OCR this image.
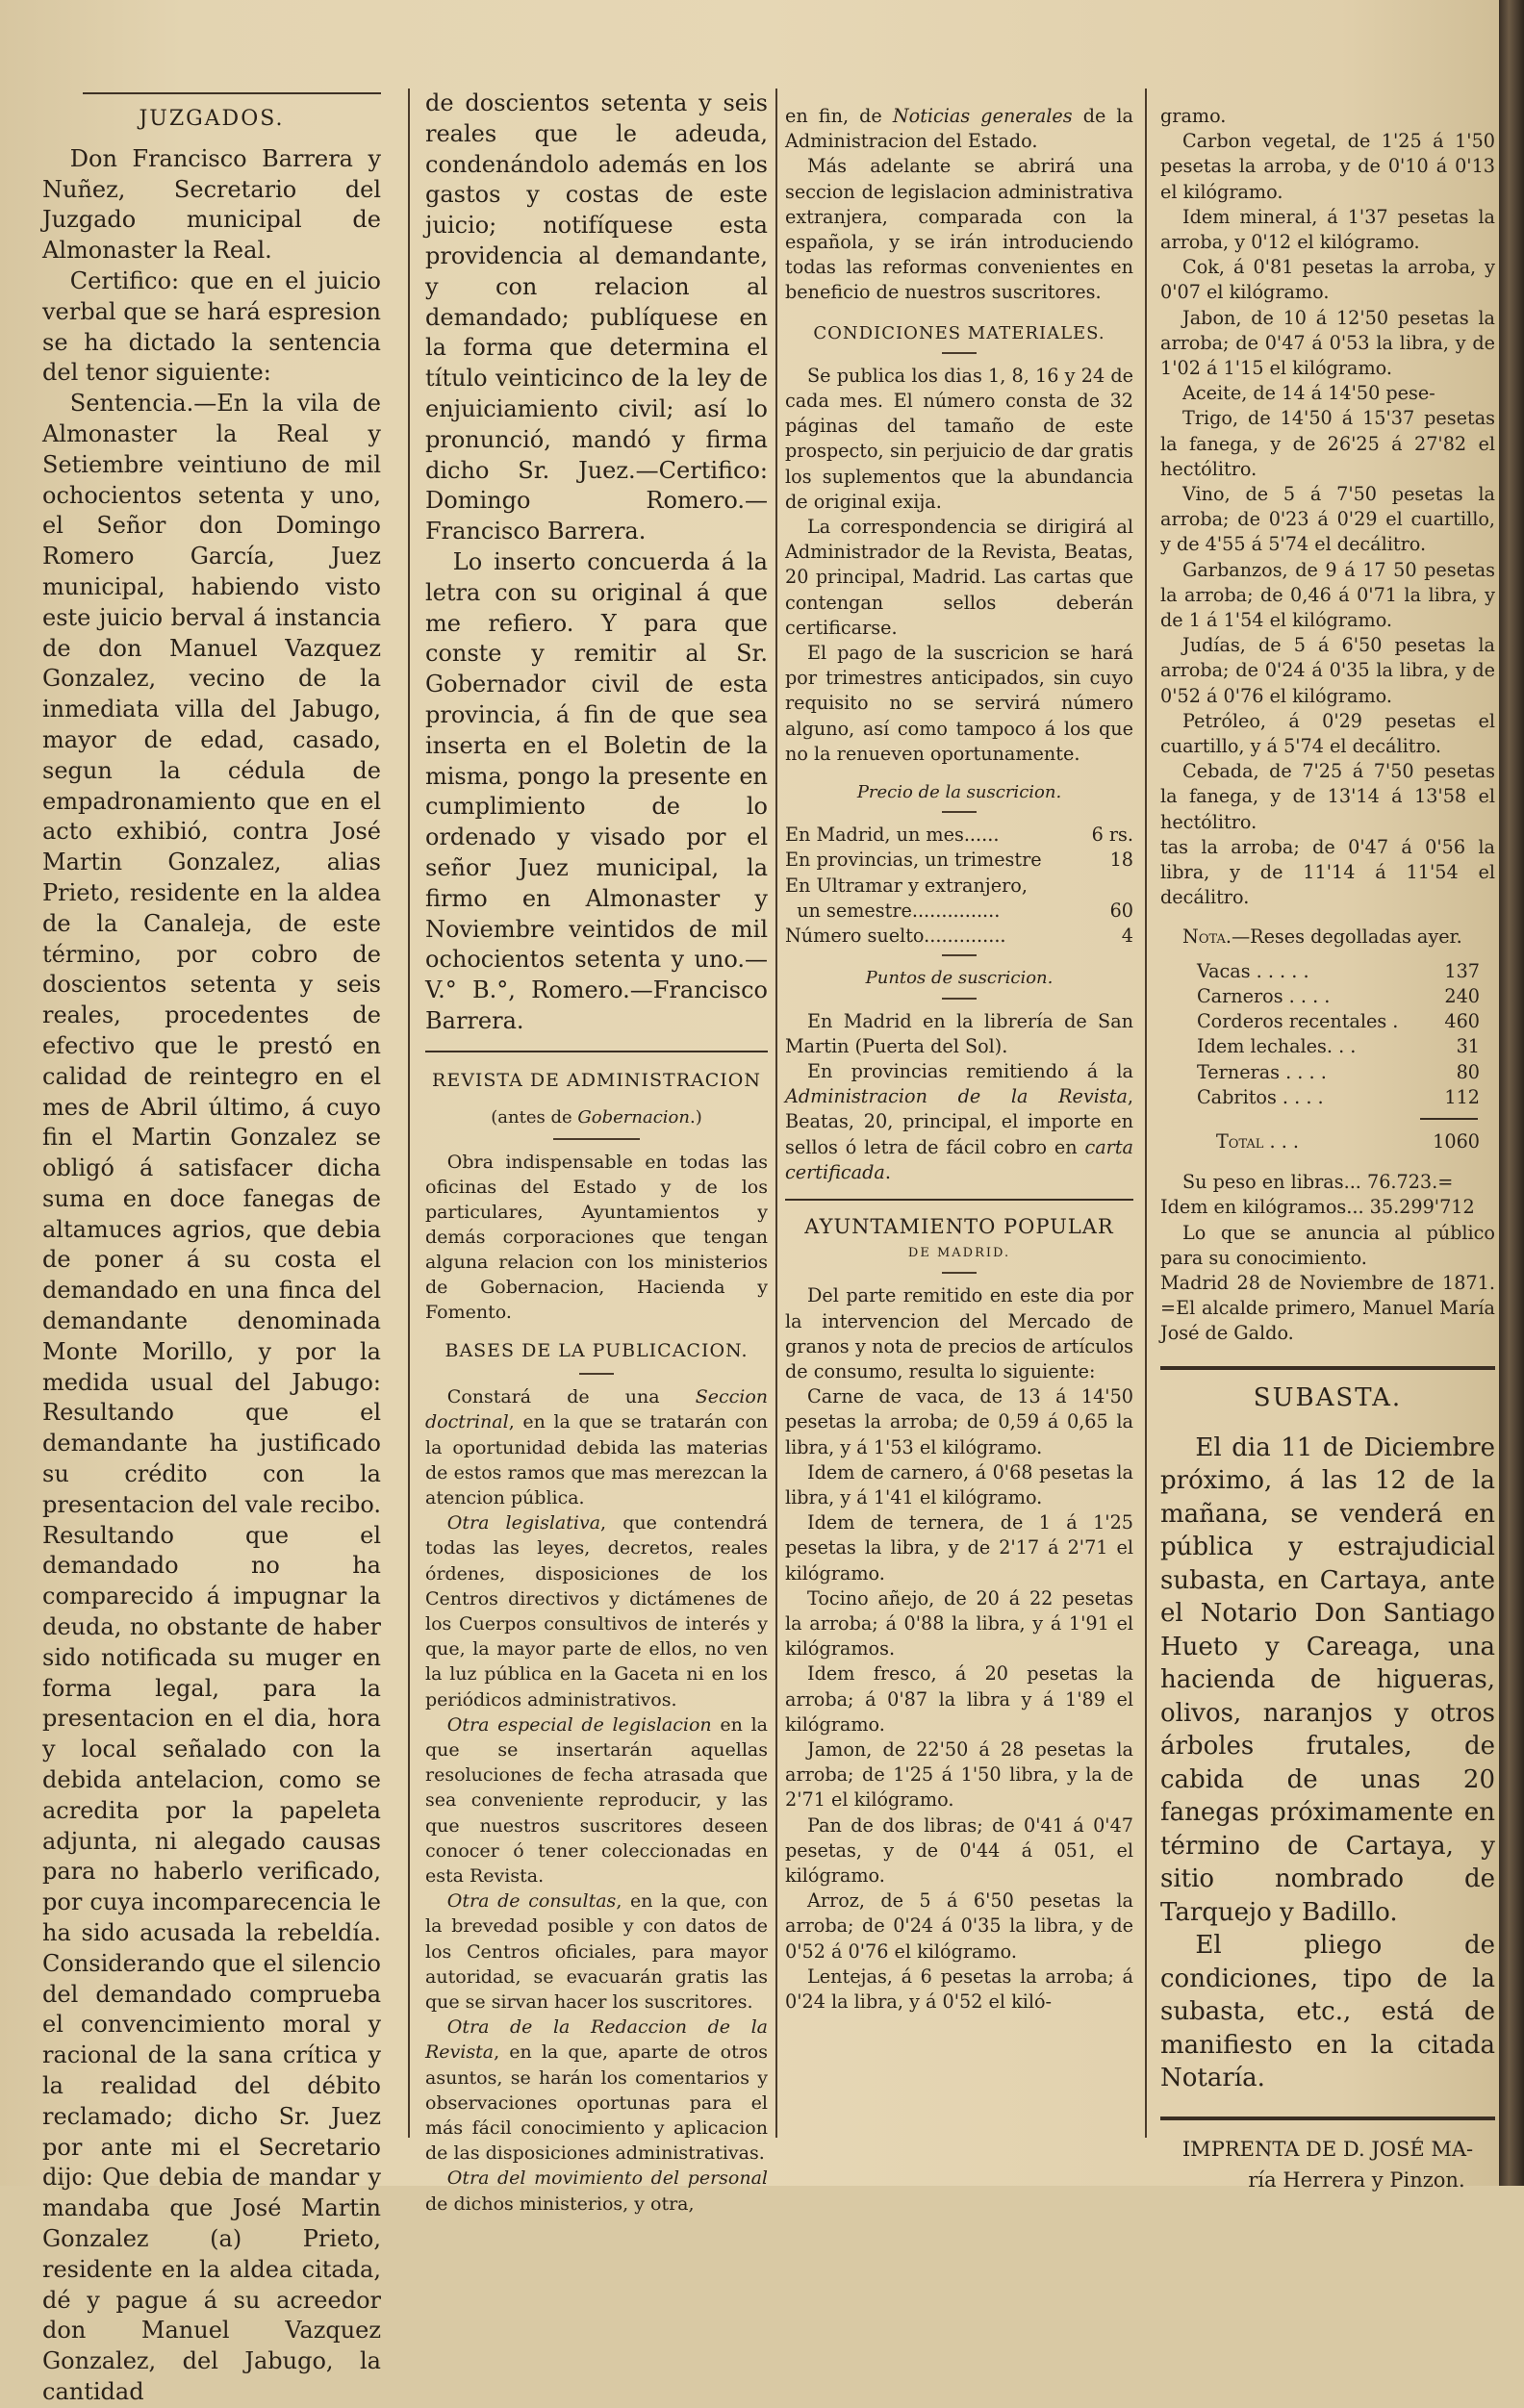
JUZGADOS.

Don Francisco Barrera y Nuñez, Secretario del Juzgado municipal de Almonaster la Real.

Certifico: que en el juicio verbal que se hará espresion se ha dictado la sentencia del tenor siguiente:

Sentencia.—En la vila de Almonaster la Real y Setiembre veintiuno de mil ochocientos setenta y uno, el Señor don Domingo Romero García, Juez municipal, habiendo visto este juicio berval á instancia de don Manuel Vazquez Gonzalez, vecino de la inmediata villa del Jabugo, mayor de edad, casado, segun la cédula de empadronamiento que en el acto exhibió, contra José Martin Gonzalez, alias Prieto, residente en la aldea de la Canaleja, de este término, por cobro de doscientos setenta y seis reales, procedentes de efectivo que le prestó en calidad de reintegro en el mes de Abril último, á cuyo fin el Martin Gonzalez se obligó á satisfacer dicha suma en doce fanegas de altamuces agrios, que debia de poner á su costa el demandado en una finca del demandante denominada Monte Morillo, y por la medida usual del Jabugo: Resultando que el demandante ha justificado su crédito con la presentacion del vale recibo. Resultando que el demandado no ha comparecido á impugnar la deuda, no obstante de haber sido notificada su muger en forma legal, para la presentacion en el dia, hora y local señalado con la debida antelacion, como se acredita por la papeleta adjunta, ni alegado causas para no haberlo verificado, por cuya incomparecencia le ha sido acusada la rebeldía. Considerando que el silencio del demandado comprueba el convencimiento moral y racional de la sana crítica y la realidad del débito reclamado; dicho Sr. Juez por ante mi el Secretario dijo: Que debia de mandar y mandaba que José Martin Gonzalez (a) Prieto, residente en la aldea citada, dé y pague á su acreedor don Manuel Vazquez Gonzalez, del Jabugo, la cantidad

de doscientos setenta y seis reales que le adeuda, condenándolo además en los gastos y costas de este juicio; notifíquese esta providencia al demandante, y con relacion al demandado; publíquese en la forma que determina el título veinticinco de la ley de enjuiciamiento civil; así lo pronunció, mandó y firma dicho Sr. Juez.—Certifico: Domingo Romero.—Francisco Barrera.

Lo inserto concuerda á la letra con su original á que me refiero. Y para que conste y remitir al Sr. Gobernador civil de esta provincia, á fin de que sea inserta en el Boletin de la misma, pongo la presente en cumplimiento de lo ordenado y visado por el señor Juez municipal, la firmo en Almonaster y Noviembre veintidos de mil ochocientos setenta y uno.—V.° B.°, Romero.—Francisco Barrera.

REVISTA DE ADMINISTRACION
(antes de Gobernacion.)

Obra indispensable en todas las oficinas del Estado y de los particulares, Ayuntamientos y demás corporaciones que tengan alguna relacion con los ministerios de Gobernacion, Hacienda y Fomento.

BASES DE LA PUBLICACION.

Constará de una Seccion doctrinal, en la que se tratarán con la oportunidad debida las materias de estos ramos que mas merezcan la atencion pública.

Otra legislativa, que contendrá todas las leyes, decretos, reales órdenes, disposiciones de los Centros directivos y dictámenes de los Cuerpos consultivos de interés y que, la mayor parte de ellos, no ven la luz pública en la Gaceta ni en los periódicos administrativos.

Otra especial de legislacion en la que se insertarán aquellas resoluciones de fecha atrasada que sea conveniente reproducir, y las que nuestros suscritores deseen conocer ó tener coleccionadas en esta Revista.

Otra de consultas, en la que, con la brevedad posible y con datos de los Centros oficiales, para mayor autoridad, se evacuarán gratis las que se sirvan hacer los suscritores.

Otra de la Redaccion de la Revista, en la que, aparte de otros asuntos, se harán los comentarios y observaciones oportunas para el más fácil conocimiento y aplicacion de las disposiciones administrativas.

Otra del movimiento del personal de dichos ministerios, y otra,

en fin, de Noticias generales de la Administracion del Estado.

Más adelante se abrirá una seccion de legislacion administrativa extranjera, comparada con la española, y se irán introduciendo todas las reformas convenientes en beneficio de nuestros suscritores.

CONDICIONES MATERIALES.

Se publica los dias 1, 8, 16 y 24 de cada mes. El número consta de 32 páginas del tamaño de este prospecto, sin perjuicio de dar gratis los suplementos que la abundancia de original exija.

La correspondencia se dirigirá al Administrador de la Revista, Beatas, 20 principal, Madrid. Las cartas que contengan sellos deberán certificarse.

El pago de la suscricion se hará por trimestres anticipados, sin cuyo requisito no se servirá número alguno, así como tampoco á los que no la renueven oportunamente.

Precio de la suscricion.
En Madrid, un mes......	6 rs.
En provincias, un trimestre	18
En Ultramar y extranjero,
un semestre...............	60
Número suelto..............	4
Puntos de suscricion.

En Madrid en la librería de San Martin (Puerta del Sol).

En provincias remitiendo á la Administracion de la Revista, Beatas, 20, principal, el importe en sellos ó letra de fácil cobro en carta certificada.

AYUNTAMIENTO POPULAR
DE MADRID.

Del parte remitido en este dia por la intervencion del Mercado de granos y nota de precios de artículos de consumo, resulta lo siguiente:

Carne de vaca, de 13 á 14'50 pesetas la arroba; de 0,59 á 0,65 la libra, y á 1'53 el kilógramo.

Idem de carnero, á 0'68 pesetas la libra, y á 1'41 el kilógramo.

Idem de ternera, de 1 á 1'25 pesetas la libra, y de 2'17 á 2'71 el kilógramo.

Tocino añejo, de 20 á 22 pesetas la arroba; á 0'88 la libra, y á 1'91 el kilógramos.

Idem fresco, á 20 pesetas la arroba; á 0'87 la libra y á 1'89 el kilógramo.

Jamon, de 22'50 á 28 pesetas la arroba; de 1'25 á 1'50 libra, y la de 2'71 el kilógramo.

Pan de dos libras; de 0'41 á 0'47 pesetas, y de 0'44 á 051, el kilógramo.

Arroz, de 5 á 6'50 pesetas la arroba; de 0'24 á 0'35 la libra, y de 0'52 á 0'76 el kilógramo.

Lentejas, á 6 pesetas la arroba; á 0'24 la libra, y á 0'52 el kiló-

gramo.

Carbon vegetal, de 1'25 á 1'50 pesetas la arroba, y de 0'10 á 0'13 el kilógramo.

Idem mineral, á 1'37 pesetas la arroba, y 0'12 el kilógramo.

Cok, á 0'81 pesetas la arroba, y 0'07 el kilógramo.

Jabon, de 10 á 12'50 pesetas la arroba; de 0'47 á 0'53 la libra, y de 1'02 á 1'15 el kilógramo.

Aceite, de 14 á 14'50 pese-

Trigo, de 14'50 á 15'37 pesetas la fanega, y de 26'25 á 27'82 el hectólitro.

Vino, de 5 á 7'50 pesetas la arroba; de 0'23 á 0'29 el cuartillo, y de 4'55 á 5'74 el decálitro.

Garbanzos, de 9 á 17 50 pesetas la arroba; de 0,46 á 0'71 la libra, y de 1 á 1'54 el kilógramo.

Judías, de 5 á 6'50 pesetas la arroba; de 0'24 á 0'35 la libra, y de 0'52 á 0'76 el kilógramo.

Petróleo, á 0'29 pesetas el cuartillo, y á 5'74 el decálitro.

Cebada, de 7'25 á 7'50 pesetas la fanega, y de 13'14 á 13'58 el hectólitro.

tas la arroba; de 0'47 á 0'56 la libra, y de 11'14 á 11'54 el decálitro.

Nota.—Reses degolladas ayer.

Vacas . . . . .	137
Carneros . . . .	240
Corderos recentales . 460
Idem lechales. . .	31
Terneras . . . .	80
Cabritos . . . .	112
Total . . .	1060

Su peso en libras... 76.723.=

Idem en kilógramos... 35.299'712

Lo que se anuncia al público para su conocimiento.

Madrid 28 de Noviembre de 1871. =El alcalde primero, Manuel María José de Galdo.

SUBASTA.

El dia 11 de Diciembre próximo, á las 12 de la mañana, se venderá en pública y estrajudicial subasta, en Cartaya, ante el Notario Don Santiago Hueto y Careaga, una hacienda de higueras, olivos, naranjos y otros árboles frutales, de cabida de unas 20 fanegas próximamente en término de Cartaya, y sitio nombrado de Tarquejo y Badillo.

El pliego de condiciones, tipo de la subasta, etc., está de manifiesto en la citada Notaría.

IMPRENTA DE D. JOSÉ MA-
ría Herrera y Pinzon.
